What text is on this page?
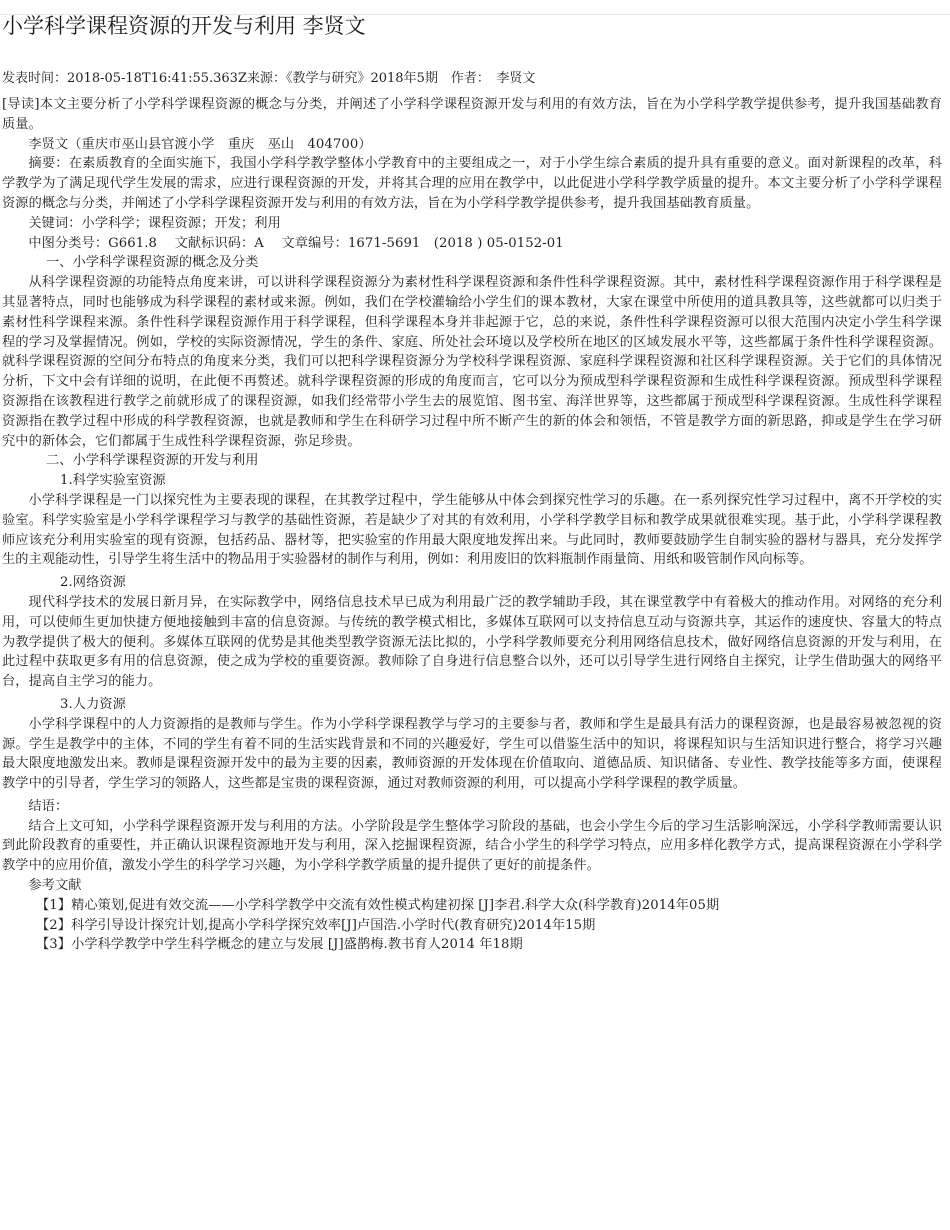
小学科学课程资源的开发与利用 李贤文
发表时间：2018-05-18T16:41:55.363Z来源：《教学与研究》2018年5期　作者：　李贤文

[导读]本文主要分析了小学科学课程资源的概念与分类，并阐述了小学科学课程资源开发与利用的有效方法，旨在为小学科学教学提供参考，提升我国基础教育质量。

李贤文（重庆市巫山县官渡小学　重庆　巫山　404700）

摘要：在素质教育的全面实施下，我国小学科学教学整体小学教育中的主要组成之一，对于小学生综合素质的提升具有重要的意义。面对新课程的改革，科学教学为了满足现代学生发展的需求，应进行课程资源的开发，并将其合理的应用在教学中，以此促进小学科学教学质量的提升。本文主要分析了小学科学课程资源的概念与分类，并阐述了小学科学课程资源开发与利用的有效方法，旨在为小学科学教学提供参考，提升我国基础教育质量。

关键词：小学科学；课程资源；开发；利用

中图分类号：G661.8　 文献标识码：A　 文章编号：1671-5691　(2018 ) 05-0152-01

一、小学科学课程资源的概念及分类

从科学课程资源的功能特点角度来讲，可以讲科学课程资源分为素材性科学课程资源和条件性科学课程资源。其中，素材性科学课程资源作用于科学课程是其显著特点，同时也能够成为科学课程的素材或来源。例如，我们在学校灌输给小学生们的课本教材，大家在课堂中所使用的道具教具等，这些就都可以归类于素材性科学课程来源。条件性科学课程资源作用于科学课程，但科学课程本身并非起源于它，总的来说，条件性科学课程资源可以很大范围内决定小学生科学课程的学习及掌握情况。例如，学校的实际资源情况，学生的条件、家庭、所处社会环境以及学校所在地区的区域发展水平等，这些都属于条件性科学课程资源。就科学课程资源的空间分布特点的角度来分类，我们可以把科学课程资源分为学校科学课程资源、家庭科学课程资源和社区科学课程资源。关于它们的具体情况分析，下文中会有详细的说明，在此便不再赘述。就科学课程资源的形成的角度而言，它可以分为预成型科学课程资源和生成性科学课程资源。预成型科学课程资源指在该教程进行教学之前就形成了的课程资源，如我们经常带小学生去的展览馆、图书室、海洋世界等，这些都属于预成型科学课程资源。生成性科学课程资源指在教学过程中形成的科学教程资源，也就是教师和学生在科研学习过程中所不断产生的新的体会和领悟，不管是教学方面的新思路，抑或是学生在学习研究中的新体会，它们都属于生成性科学课程资源，弥足珍贵。

二、小学科学课程资源的开发与利用

1.科学实验室资源

小学科学课程是一门以探究性为主要表现的课程，在其教学过程中，学生能够从中体会到探究性学习的乐趣。在一系列探究性学习过程中，离不开学校的实验室。科学实验室是小学科学课程学习与教学的基础性资源，若是缺少了对其的有效利用，小学科学教学目标和教学成果就很难实现。基于此，小学科学课程教师应该充分利用实验室的现有资源，包括药品、器材等，把实验室的作用最大限度地发挥出来。与此同时，教师要鼓励学生自制实验的器材与器具，充分发挥学生的主观能动性，引导学生将生活中的物品用于实验器材的制作与利用，例如：利用废旧的饮料瓶制作雨量筒、用纸和吸管制作风向标等。

2.网络资源

现代科学技术的发展日新月异，在实际教学中，网络信息技术早已成为利用最广泛的教学辅助手段，其在课堂教学中有着极大的推动作用。对网络的充分利用，可以使师生更加快捷方便地接触到丰富的信息资源。与传统的教学模式相比，多媒体互联网可以支持信息互动与资源共享，其运作的速度快、容量大的特点为教学提供了极大的便利。多媒体互联网的优势是其他类型教学资源无法比拟的，小学科学教师要充分利用网络信息技术，做好网络信息资源的开发与利用，在此过程中获取更多有用的信息资源，使之成为学校的重要资源。教师除了自身进行信息整合以外，还可以引导学生进行网络自主探究，让学生借助强大的网络平台，提高自主学习的能力。

3.人力资源

小学科学课程中的人力资源指的是教师与学生。作为小学科学课程教学与学习的主要参与者，教师和学生是最具有活力的课程资源，也是最容易被忽视的资源。学生是教学中的主体，不同的学生有着不同的生活实践背景和不同的兴趣爱好，学生可以借鉴生活中的知识，将课程知识与生活知识进行整合，将学习兴趣最大限度地激发出来。教师是课程资源开发中的最为主要的因素，教师资源的开发体现在价值取向、道德品质、知识储备、专业性、教学技能等多方面，使课程教学中的引导者，学生学习的领路人，这些都是宝贵的课程资源，通过对教师资源的利用，可以提高小学科学课程的教学质量。

结语：

结合上文可知，小学科学课程资源开发与利用的方法。小学阶段是学生整体学习阶段的基础，也会小学生今后的学习生活影响深远，小学科学教师需要认识到此阶段教育的重要性，并正确认识课程资源地开发与利用，深入挖掘课程资源，结合小学生的科学学习特点，应用多样化教学方式，提高课程资源在小学科学教学中的应用价值，激发小学生的科学学习兴趣，为小学科学教学质量的提升提供了更好的前提条件。

参考文献

【1】精心策划,促进有效交流——小学科学教学中交流有效性模式构建初探 [J]李君.科学大众(科学教育)2014年05期

【2】科学引导设计探究计划,提高小学科学探究效率[J]卢国浩.小学时代(教育研究)2014年15期

【3】小学科学教学中学生科学概念的建立与发展 [J]盛鹊梅.教书育人2014 年18期
